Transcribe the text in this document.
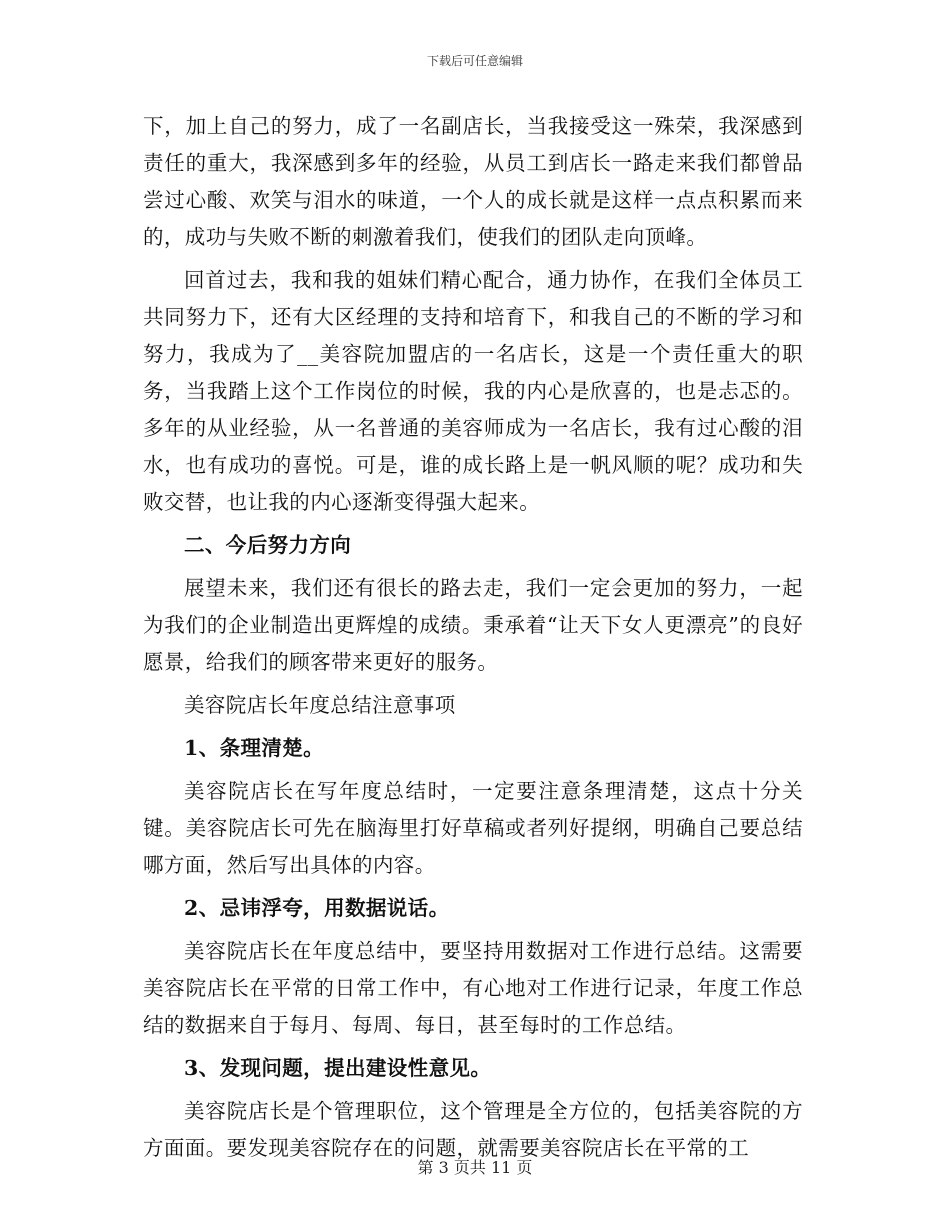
下载后可任意编辑

下，加上自己的努力，成了一名副店长，当我接受这一殊荣，我深感到责任的重大，我深感到多年的经验，从员工到店长一路走来我们都曾品尝过心酸、欢笑与泪水的味道，一个人的成长就是这样一点点积累而来的，成功与失败不断的刺激着我们，使我们的团队走向顶峰。

回首过去，我和我的姐妹们精心配合，通力协作，在我们全体员工共同努力下，还有大区经理的支持和培育下，和我自己的不断的学习和努力，我成为了__美容院加盟店的一名店长，这是一个责任重大的职务，当我踏上这个工作岗位的时候，我的内心是欣喜的，也是忐忑的。多年的从业经验，从一名普通的美容师成为一名店长，我有过心酸的泪水，也有成功的喜悦。可是，谁的成长路上是一帆风顺的呢？成功和失败交替，也让我的内心逐渐变得强大起来。

二、今后努力方向

展望未来，我们还有很长的路去走，我们一定会更加的努力，一起为我们的企业制造出更辉煌的成绩。秉承着“让天下女人更漂亮”的良好愿景，给我们的顾客带来更好的服务。

美容院店长年度总结注意事项

1、条理清楚。

美容院店长在写年度总结时，一定要注意条理清楚，这点十分关键。美容院店长可先在脑海里打好草稿或者列好提纲，明确自己要总结哪方面，然后写出具体的内容。

2、忌讳浮夸，用数据说话。

美容院店长在年度总结中，要坚持用数据对工作进行总结。这需要美容院店长在平常的日常工作中，有心地对工作进行记录，年度工作总结的数据来自于每月、每周、每日，甚至每时的工作总结。

3、发现问题，提出建设性意见。

美容院店长是个管理职位，这个管理是全方位的，包括美容院的方方面面。要发现美容院存在的问题，就需要美容院店长在平常的工

第 3 页共 11 页
